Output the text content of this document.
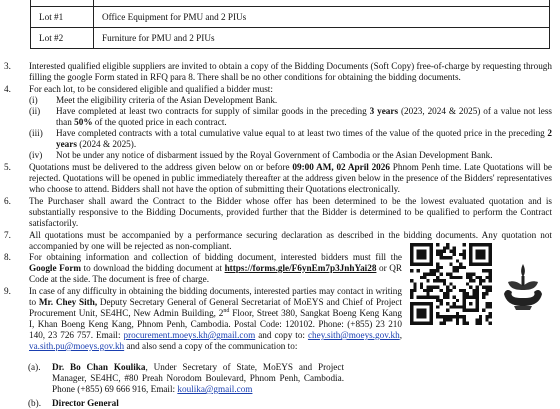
Lot #1	Office Equipment for PMU and 2 PIUs
Lot #2	Furniture for PMU and 2 PIUs
3.	Interested qualified eligible suppliers are invited to obtain a copy of the Bidding Documents (Soft Copy) free-of-charge by requesting through filling the google Form stated in RFQ para 8. There shall be no other conditions for obtaining the bidding documents.
4.	For each lot, to be considered eligible and qualified a bidder must:
(i) Meet the eligibility criteria of the Asian Development Bank.
(ii) Have completed at least two contracts for supply of similar goods in the preceding 3 years (2023, 2024 & 2025) of a value not less than 50% of the quoted price in each contract.
(iii) Have completed contracts with a total cumulative value equal to at least two times of the value of the quoted price in the preceding 2 years (2024 & 2025).
(iv) Not be under any notice of disbarment issued by the Royal Government of Cambodia or the Asian Development Bank.
5.	Quotations must be delivered to the address given below on or before 09:00 AM, 02 April 2026 Phnom Penh time. Late Quotations will be rejected. Quotations will be opened in public immediately thereafter at the address given below in the presence of the Bidders' representatives who choose to attend. Bidders shall not have the option of submitting their Quotations electronically.
6.	The Purchaser shall award the Contract to the Bidder whose offer has been determined to be the lowest evaluated quotation and is substantially responsive to the Bidding Documents, provided further that the Bidder is determined to be qualified to perform the Contract satisfactorily.
7.	All quotations must be accompanied by a performance securing declaration as described in the bidding documents. Any quotation not accompanied by one will be rejected as non-compliant.
8.	For obtaining information and collection of bidding document, interested bidders must fill the Google Form to download the bidding document at https://forms.gle/F6ynEm7p3JnhYai28 or QR Code at the side. The document is free of charge.
9.	In case of any difficulty in obtaining the bidding documents, interested parties may contact in writing to Mr. Chey Sith, Deputy Secretary General of General Secretariat of MoEYS and Chief of Project Procurement Unit, SE4HC, New Admin Building, 2nd Floor, Street 380, Sangkat Boeng Keng Kang I, Khan Boeng Keng Kang, Phnom Penh, Cambodia. Postal Code: 120102. Phone: (+855) 23 210 140, 23 726 757. Email: procurement.moeys.kh@gmail.com and copy to: chey.sith@moeys.gov.kh, va.sith.pu@moeys.gov.kh and also send a copy of the communication to:
(a). Dr. Bo Chan Koulika, Under Secretary of State, MoEYS and Project Manager, SE4HC, #80 Preah Norodom Boulevard, Phnom Penh, Cambodia. Phone (+855) 69 666 916, Email: koulika@gmail.com
(b). Director General
